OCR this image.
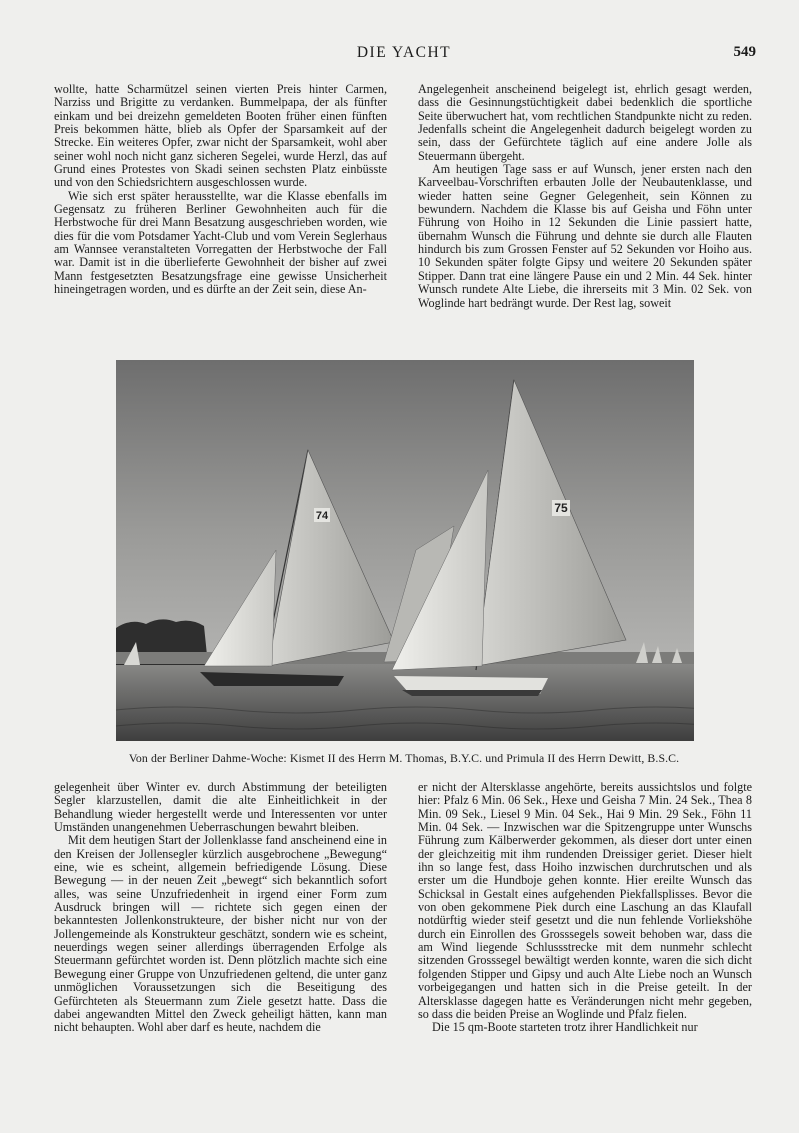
DIE YACHT	549

wollte, hatte Scharmützel seinen vierten Preis hinter Carmen, Narziss und Brigitte zu verdanken. Bummelpapa, der als fünfter einkam und bei dreizehn gemeldeten Booten früher einen fünften Preis bekommen hätte, blieb als Opfer der Sparsamkeit auf der Strecke. Ein weiteres Opfer, zwar nicht der Sparsamkeit, wohl aber seiner wohl noch nicht ganz sicheren Segelei, wurde Herzl, das auf Grund eines Protestes von Skadi seinen sechsten Platz einbüsste und von den Schiedsrichtern ausgeschlossen wurde.

Wie sich erst später herausstellte, war die Klasse ebenfalls im Gegensatz zu früheren Berliner Gewohnheiten auch für die Herbstwoche für drei Mann Besatzung ausgeschrieben worden, wie dies für die vom Potsdamer Yacht-Club und vom Verein Seglerhaus am Wannsee veranstalteten Vorregatten der Herbstwoche der Fall war. Damit ist in die überlieferte Gewohnheit der bisher auf zwei Mann festgesetzten Besatzungsfrage eine gewisse Unsicherheit hineingetragen worden, und es dürfte an der Zeit sein, diese An-

Angelegenheit anscheinend beigelegt ist, ehrlich gesagt werden, dass die Gesinnungstüchtigkeit dabei bedenklich die sportliche Seite überwuchert hat, vom rechtlichen Standpunkte nicht zu reden. Jedenfalls scheint die Angelegenheit dadurch beigelegt worden zu sein, dass der Gefürchtete täglich auf eine andere Jolle als Steuermann übergeht.

Am heutigen Tage sass er auf Wunsch, jener ersten nach den Karveelbau-Vorschriften erbauten Jolle der Neubautenklasse, und wieder hatten seine Gegner Gelegenheit, sein Können zu bewundern. Nachdem die Klasse bis auf Geisha und Föhn unter Führung von Hoiho in 12 Sekunden die Linie passiert hatte, übernahm Wunsch die Führung und dehnte sie durch alle Flauten hindurch bis zum Grossen Fenster auf 52 Sekunden vor Hoiho aus. 10 Sekunden später folgte Gipsy und weitere 20 Sekunden später Stipper. Dann trat eine längere Pause ein und 2 Min. 44 Sek. hinter Wunsch rundete Alte Liebe, die ihrerseits mit 3 Min. 02 Sek. von Woglinde hart bedrängt wurde. Der Rest lag, soweit

74
75
Von der Berliner Dahme-Woche: Kismet II des Herrn M. Thomas, B.Y.C. und Primula II des Herrn Dewitt, B.S.C.

gelegenheit über Winter ev. durch Abstimmung der beteiligten Segler klarzustellen, damit die alte Einheitlichkeit in der Behandlung wieder hergestellt werde und Interessenten vor unter Umständen unangenehmen Ueberraschungen bewahrt bleiben.

Mit dem heutigen Start der Jollenklasse fand anscheinend eine in den Kreisen der Jollensegler kürzlich ausgebrochene „Bewegung“ eine, wie es scheint, allgemein befriedigende Lösung. Diese Bewegung — in der neuen Zeit „bewegt“ sich bekanntlich sofort alles, was seine Unzufriedenheit in irgend einer Form zum Ausdruck bringen will — richtete sich gegen einen der bekanntesten Jollenkonstrukteure, der bisher nicht nur von der Jollengemeinde als Konstrukteur geschätzt, sondern wie es scheint, neuerdings wegen seiner allerdings überragenden Erfolge als Steuermann gefürchtet worden ist. Denn plötzlich machte sich eine Bewegung einer Gruppe von Unzufriedenen geltend, die unter ganz unmöglichen Voraussetzungen sich die Beseitigung des Gefürchteten als Steuermann zum Ziele gesetzt hatte. Dass die dabei angewandten Mittel den Zweck geheiligt hätten, kann man nicht behaupten. Wohl aber darf es heute, nachdem die

er nicht der Altersklasse angehörte, bereits aussichtslos und folgte hier: Pfalz 6 Min. 06 Sek., Hexe und Geisha 7 Min. 24 Sek., Thea 8 Min. 09 Sek., Liesel 9 Min. 04 Sek., Hai 9 Min. 29 Sek., Föhn 11 Min. 04 Sek. — Inzwischen war die Spitzengruppe unter Wunschs Führung zum Kälberwerder gekommen, als dieser dort unter einen der gleichzeitig mit ihm rundenden Dreissiger geriet. Dieser hielt ihn so lange fest, dass Hoiho inzwischen durchrutschen und als erster um die Hundboje gehen konnte. Hier ereilte Wunsch das Schicksal in Gestalt eines aufgehenden Piekfallsplisses. Bevor die von oben gekommene Piek durch eine Laschung an das Klaufall notdürftig wieder steif gesetzt und die nun fehlende Vorliekshöhe durch ein Einrollen des Grosssegels soweit behoben war, dass die am Wind liegende Schlussstrecke mit dem nunmehr schlecht sitzenden Grosssegel bewältigt werden konnte, waren die sich dicht folgenden Stipper und Gipsy und auch Alte Liebe noch an Wunsch vorbeigegangen und hatten sich in die Preise geteilt. In der Altersklasse dagegen hatte es Veränderungen nicht mehr gegeben, so dass die beiden Preise an Woglinde und Pfalz fielen.

Die 15 qm-Boote starteten trotz ihrer Handlichkeit nur
